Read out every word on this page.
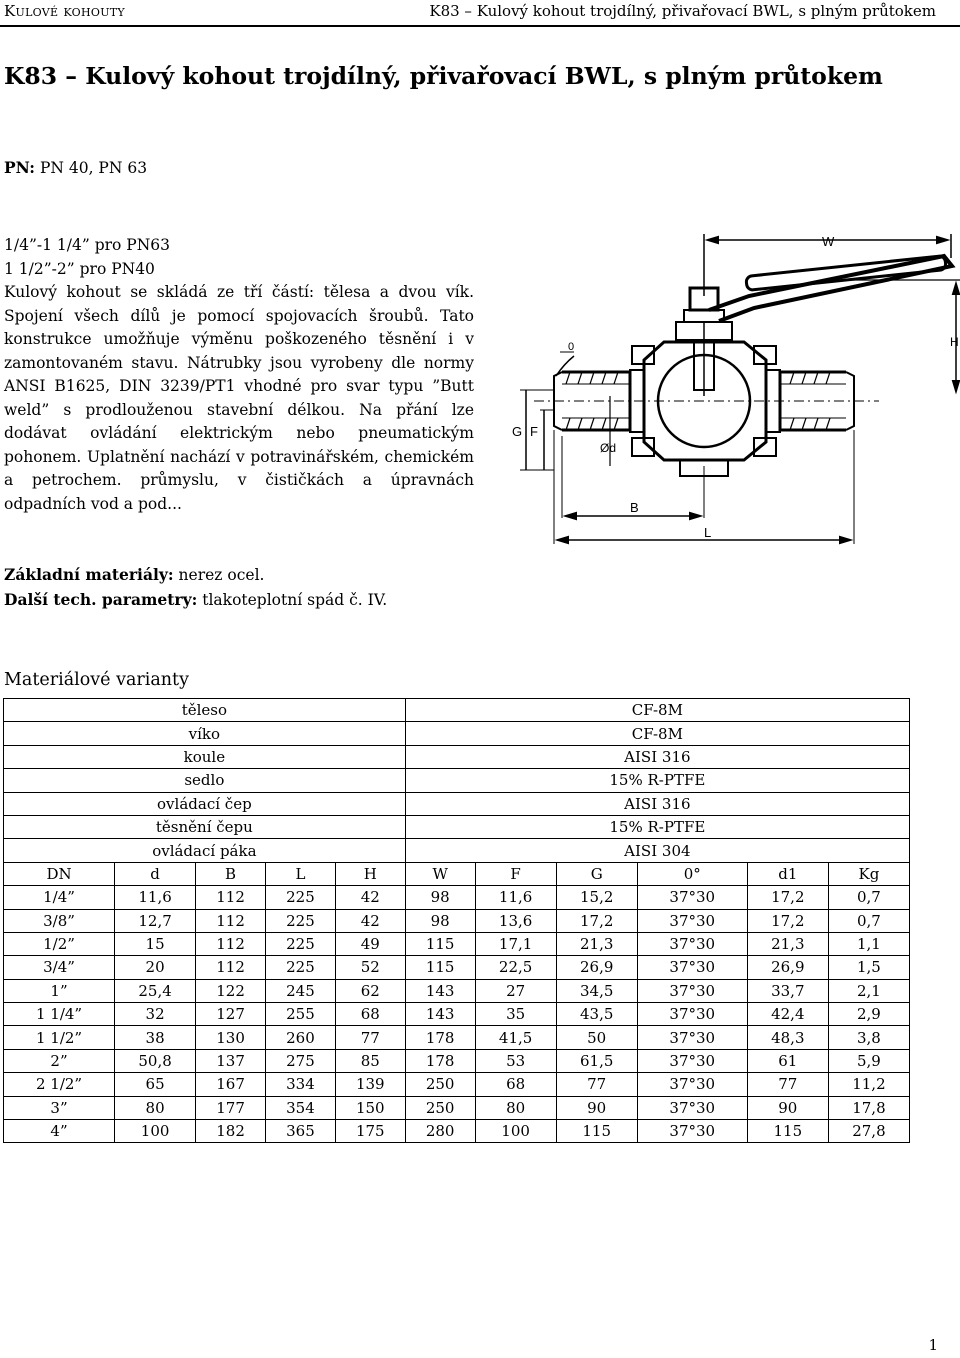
Kulové kohouty	K83 – Kulový kohout trojdílný, přivařovací BWL, s plným průtokem
K83 – Kulový kohout trojdílný, přivařovací BWL, s plným průtokem
PN: PN 40, PN 63

1/4”-1 1/4” pro PN63

1 1/2”-2” pro PN40

Kulový kohout se skládá ze tří částí: tělesa a dvou vík. Spojení všech dílů je pomocí spojovacích šroubů. Tato konstrukce umožňuje výměnu poškozeného těsnění i v zamontovaném stavu. Nátrubky jsou vyrobeny dle normy ANSI B1625, DIN 3239/PT1 vhodné pro svar typu ”Butt weld” s prodlouženou stavební délkou. Na přání lze dodávat ovládání elektrickým nebo pneumatickým pohonem. Uplatnění nachází v potravinářském, chemickém a petrochem. průmyslu, v čističkách a úpravnách odpadních vod a pod...

W
H
0
G F
Ød
B
L
Základní materiály: nerez ocel.
Další tech. parametry: tlakoteplotní spád č. IV.
Materiálové varianty
těleso					CF-8M					
víko					CF-8M					
koule					AISI 316					
sedlo					15% R-PTFE					
ovládací čep					AISI 316					
těsnění čepu					15% R-PTFE					
ovládací páka					AISI 304					
DN	d	B	L	H	W	F	G	0°	d1	Kg
1/4”	11,6	112	225	42	98	11,6	15,2	37°30	17,2	0,7
3/8”	12,7	112	225	42	98	13,6	17,2	37°30	17,2	0,7
1/2”	15	112	225	49	115	17,1	21,3	37°30	21,3	1,1
3/4”	20	112	225	52	115	22,5	26,9	37°30	26,9	1,5
1”	25,4	122	245	62	143	27	34,5	37°30	33,7	2,1
1 1/4”	32	127	255	68	143	35	43,5	37°30	42,4	2,9
1 1/2”	38	130	260	77	178	41,5	50	37°30	48,3	3,8
2”	50,8	137	275	85	178	53	61,5	37°30	61	5,9
2 1/2”	65	167	334	139	250	68	77	37°30	77	11,2
3”	80	177	354	150	250	80	90	37°30	90	17,8
4”	100	182	365	175	280	100	115	37°30	115	27,8
1
